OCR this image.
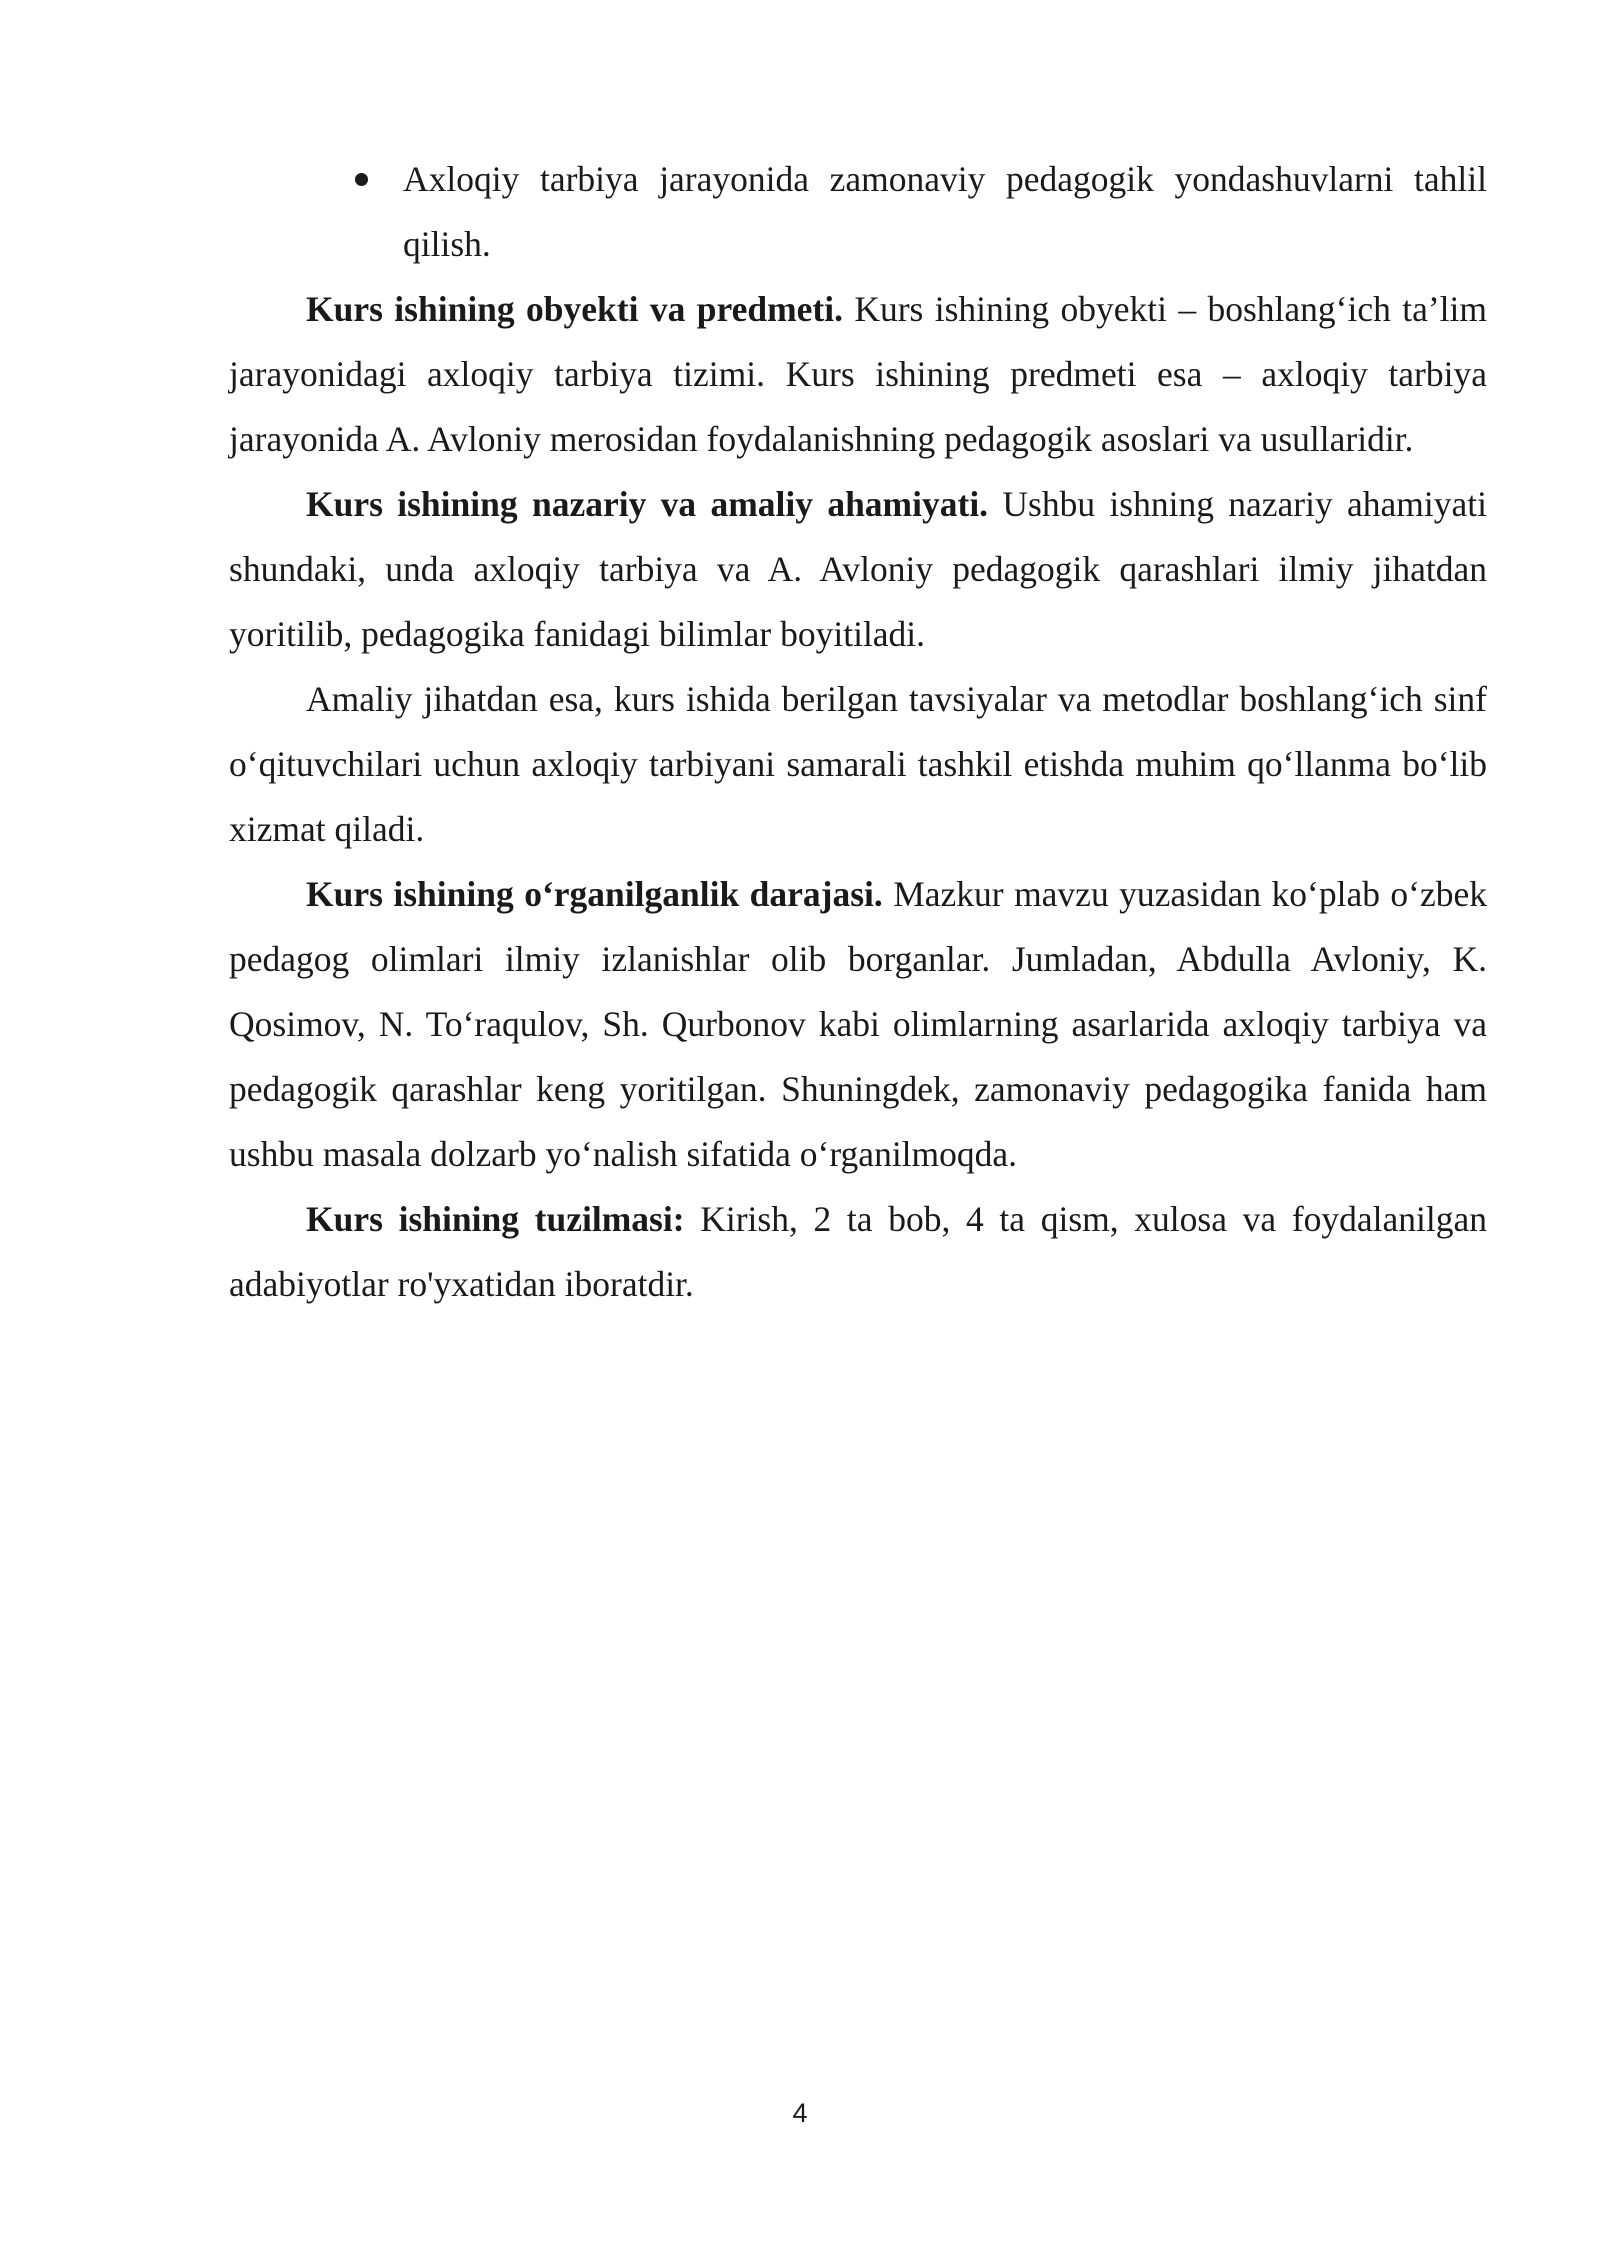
Axloqiy tarbiya jarayonida zamonaviy pedagogik yondashuvlarni tahlil qilish.

Kurs ishining obyekti va predmeti. Kurs ishining obyekti – boshlang‘ich ta’lim jarayonidagi axloqiy tarbiya tizimi. Kurs ishining predmeti esa – axloqiy tarbiya jarayonida A. Avloniy merosidan foydalanishning pedagogik asoslari va usullaridir.

Kurs ishining nazariy va amaliy ahamiyati. Ushbu ishning nazariy ahamiyati shundaki, unda axloqiy tarbiya va A. Avloniy pedagogik qarashlari ilmiy jihatdan yoritilib, pedagogika fanidagi bilimlar boyitiladi.

Amaliy jihatdan esa, kurs ishida berilgan tavsiyalar va metodlar boshlang‘ich sinf o‘qituvchilari uchun axloqiy tarbiyani samarali tashkil etishda muhim qo‘llanma bo‘lib xizmat qiladi.

Kurs ishining o‘rganilganlik darajasi. Mazkur mavzu yuzasidan ko‘plab o‘zbek pedagog olimlari ilmiy izlanishlar olib borganlar. Jumladan, Abdulla Avloniy, K. Qosimov, N. To‘raqulov, Sh. Qurbonov kabi olimlarning asarlarida axloqiy tarbiya va pedagogik qarashlar keng yoritilgan. Shuningdek, zamonaviy pedagogika fanida ham ushbu masala dolzarb yo‘nalish sifatida o‘rganilmoqda.

Kurs ishining tuzilmasi: Kirish, 2 ta bob, 4 ta qism, xulosa va foydalanilgan adabiyotlar ro'yxatidan iboratdir.

4
